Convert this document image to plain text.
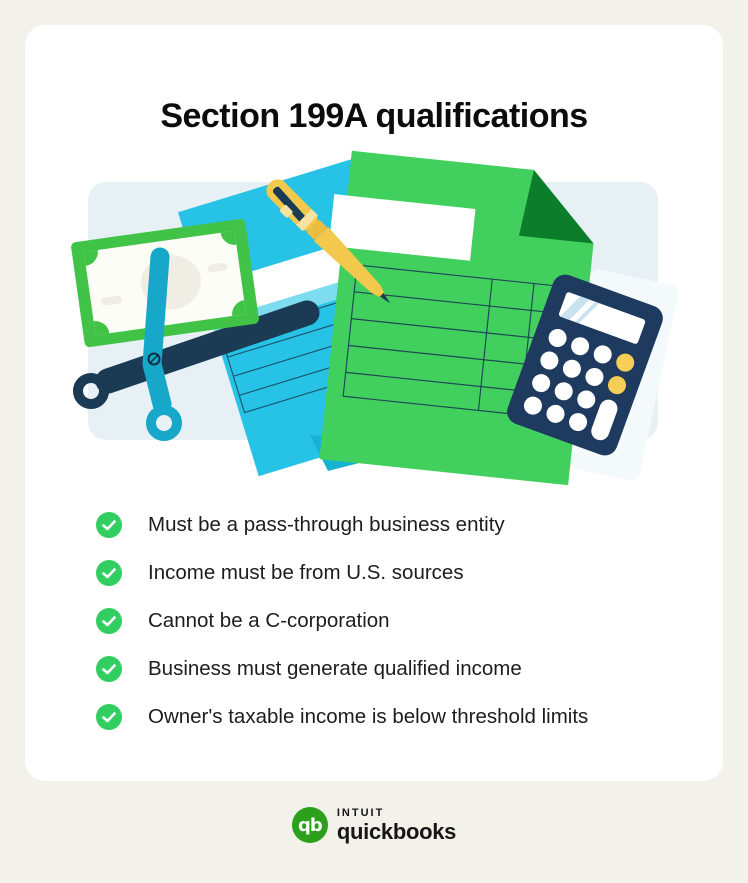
Section 199A qualifications
Must be a pass-through business entity
Income must be from U.S. sources
Cannot be a C-corporation
Business must generate qualified income
Owner's taxable income is below threshold limits
qb
INTUIT
quickbooks
